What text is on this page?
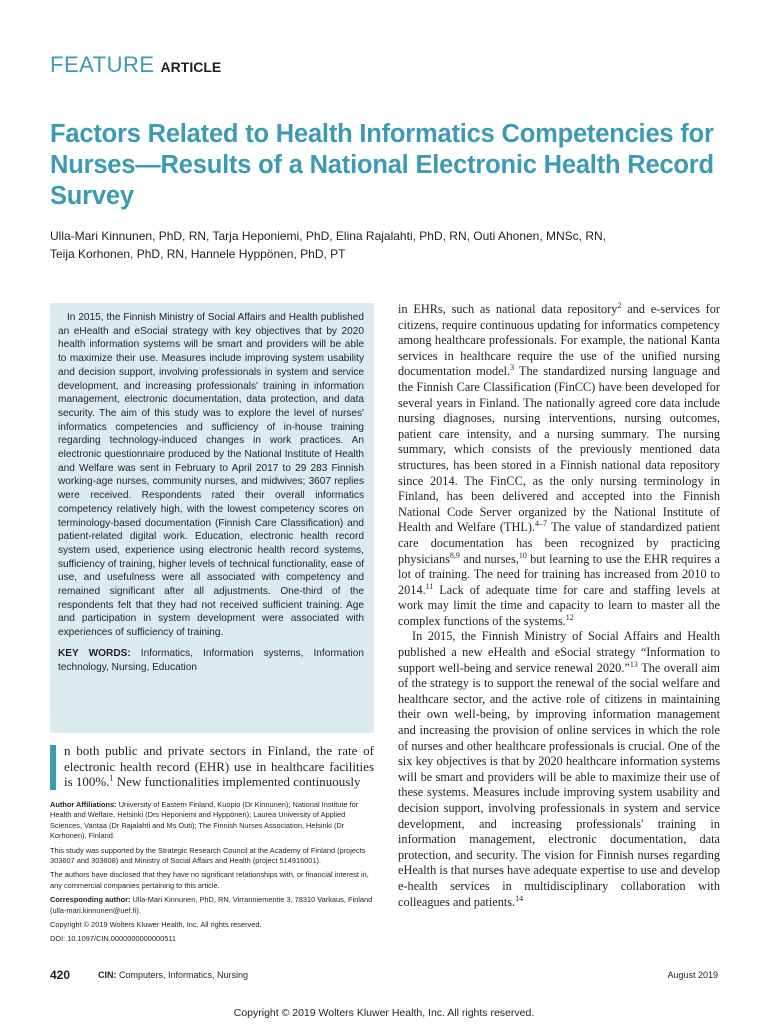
FEATURE ARTICLE
Factors Related to Health Informatics Competencies for Nurses—Results of a National Electronic Health Record Survey
Ulla-Mari Kinnunen, PhD, RN, Tarja Heponiemi, PhD, Elina Rajalahti, PhD, RN, Outi Ahonen, MNSc, RN,
Teija Korhonen, PhD, RN, Hannele Hyppönen, PhD, PT

In 2015, the Finnish Ministry of Social Affairs and Health published an eHealth and eSocial strategy with key objectives that by 2020 health information systems will be smart and providers will be able to maximize their use. Measures include improving system usability and decision support, involving professionals in system and service development, and increasing professionals' training in information management, electronic documentation, data protection, and data security. The aim of this study was to explore the level of nurses' informatics competencies and sufficiency of in-house training regarding technology-induced changes in work practices. An electronic questionnaire produced by the National Institute of Health and Welfare was sent in February to April 2017 to 29 283 Finnish working-age nurses, community nurses, and midwives; 3607 replies were received. Respondents rated their overall informatics competency relatively high, with the lowest competency scores on terminology-based documentation (Finnish Care Classification) and patient-related digital work. Education, electronic health record system used, experience using electronic health record systems, sufficiency of training, higher levels of technical functionality, ease of use, and usefulness were all associated with competency and remained significant after all adjustments. One-third of the respondents felt that they had not received sufficient training. Age and participation in system development were associated with experiences of sufficiency of training.

KEY WORDS: Informatics, Information systems, Information technology, Nursing, Education

n both public and private sectors in Finland, the rate of electronic health record (EHR) use in healthcare facilities is 100%.$^1$ New functionalities implemented continuously

Author Affiliations: University of Eastern Finland, Kuopio (Dr Kinnunen); National Institute for Health and Welfare, Helsinki (Drs Heponiemi and Hyppönen); Laurea University of Applied Sciences, Vantaa (Dr Rajalahti and Ms Outi); The Finnish Nurses Association, Helsinki (Dr Korhonen), Finland.

This study was supported by the Strategic Research Council at the Academy of Finland (projects 303607 and 303608) and Ministry of Social Affairs and Health (project 514916001).

The authors have disclosed that they have no significant relationships with, or financial interest in, any commercial companies pertaining to this article.

Corresponding author: Ulla-Mari Kinnunen, PhD, RN, Virranniementie 3, 78310 Varkaus, Finland (ulla-mari.kinnunen@uef.fi).

Copyright © 2019 Wolters Kluwer Health, Inc. All rights reserved.

DOI: 10.1097/CIN.0000000000000511

in EHRs, such as national data repository$^2$ and e-services for citizens, require continuous updating for informatics competency among healthcare professionals. For example, the national Kanta services in healthcare require the use of the unified nursing documentation model.$^3$ The standardized nursing language and the Finnish Care Classification (FinCC) have been developed for several years in Finland. The nationally agreed core data include nursing diagnoses, nursing interventions, nursing outcomes, patient care intensity, and a nursing summary. The nursing summary, which consists of the previously mentioned data structures, has been stored in a Finnish national data repository since 2014. The FinCC, as the only nursing terminology in Finland, has been delivered and accepted into the Finnish National Code Server organized by the National Institute of Health and Welfare (THL).$^{4-7}$ The value of standardized patient care documentation has been recognized by practicing physicians$^{8,9}$ and nurses,$^{10}$ but learning to use the EHR requires a lot of training. The need for training has increased from 2010 to 2014.11 Lack of adequate time for care and staffing levels at work may limit the time and capacity to learn to master all the complex functions of the systems.$^{12}$

In 2015, the Finnish Ministry of Social Affairs and Health published a new eHealth and eSocial strategy “Information to support well-being and service renewal 2020.”$^{13}$ The overall aim of the strategy is to support the renewal of the social welfare and healthcare sector, and the active role of citizens in maintaining their own well-being, by improving information management and increasing the provision of online services in which the role of nurses and other healthcare professionals is crucial. One of the six key objectives is that by 2020 healthcare information systems will be smart and providers will be able to maximize their use of these systems. Measures include improving system usability and decision support, involving professionals in system and service development, and increasing professionals' training in information management, electronic documentation, data protection, and security. The vision for Finnish nurses regarding eHealth is that nurses have adequate expertise to use and develop e-health services in multidisciplinary collaboration with colleagues and patients.$^{14}$

420	CIN: Computers, Informatics, Nursing	August 2019
Copyright © 2019 Wolters Kluwer Health, Inc. All rights reserved.
